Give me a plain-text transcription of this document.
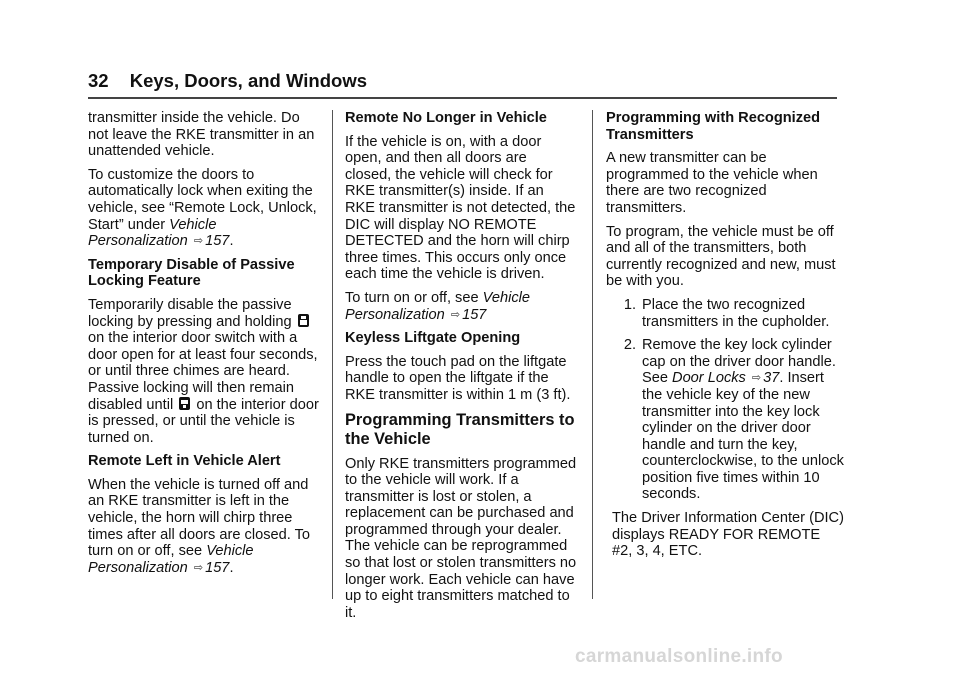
32 Keys, Doors, and Windows

transmitter inside the vehicle. Do not leave the RKE transmitter in an unattended vehicle.

To customize the doors to automatically lock when exiting the vehicle, see “Remote Lock, Unlock, Start” under Vehicle Personalization ⇨ 157.

Temporary Disable of Passive Locking Feature

Temporarily disable the passive locking by pressing and holding  on the interior door switch with a door open for at least four seconds, or until three chimes are heard. Passive locking will then remain disabled until on the interior door is pressed, or until the vehicle is turned on.

Remote Left in Vehicle Alert

When the vehicle is turned off and an RKE transmitter is left in the vehicle, the horn will chirp three times after all doors are closed. To turn on or off, see Vehicle Personalization ⇨ 157.

Remote No Longer in Vehicle

If the vehicle is on, with a door open, and then all doors are closed, the vehicle will check for RKE transmitter(s) inside. If an RKE transmitter is not detected, the DIC will display NO REMOTE DETECTED and the horn will chirp three times. This occurs only once each time the vehicle is driven.

To turn on or off, see Vehicle Personalization ⇨ 157

Keyless Liftgate Opening

Press the touch pad on the liftgate handle to open the liftgate if the RKE transmitter is within 1 m (3 ft).

Programming Transmitters to the Vehicle

Only RKE transmitters programmed to the vehicle will work. If a transmitter is lost or stolen, a replacement can be purchased and programmed through your dealer. The vehicle can be reprogrammed so that lost or stolen transmitters no longer work. Each vehicle can have up to eight transmitters matched to it.

Programming with Recognized Transmitters

A new transmitter can be programmed to the vehicle when there are two recognized transmitters.

To program, the vehicle must be off and all of the transmitters, both currently recognized and new, must be with you.

1. Place the two recognized transmitters in the cupholder.
2. Remove the key lock cylinder cap on the driver door handle. See Door Locks ⇨ 37. Insert the vehicle key of the new transmitter into the key lock cylinder on the driver door handle and turn the key, counterclockwise, to the unlock position five times within 10 seconds.

The Driver Information Center (DIC) displays READY FOR REMOTE #2, 3, 4, ETC.

carmanualsonline.info
